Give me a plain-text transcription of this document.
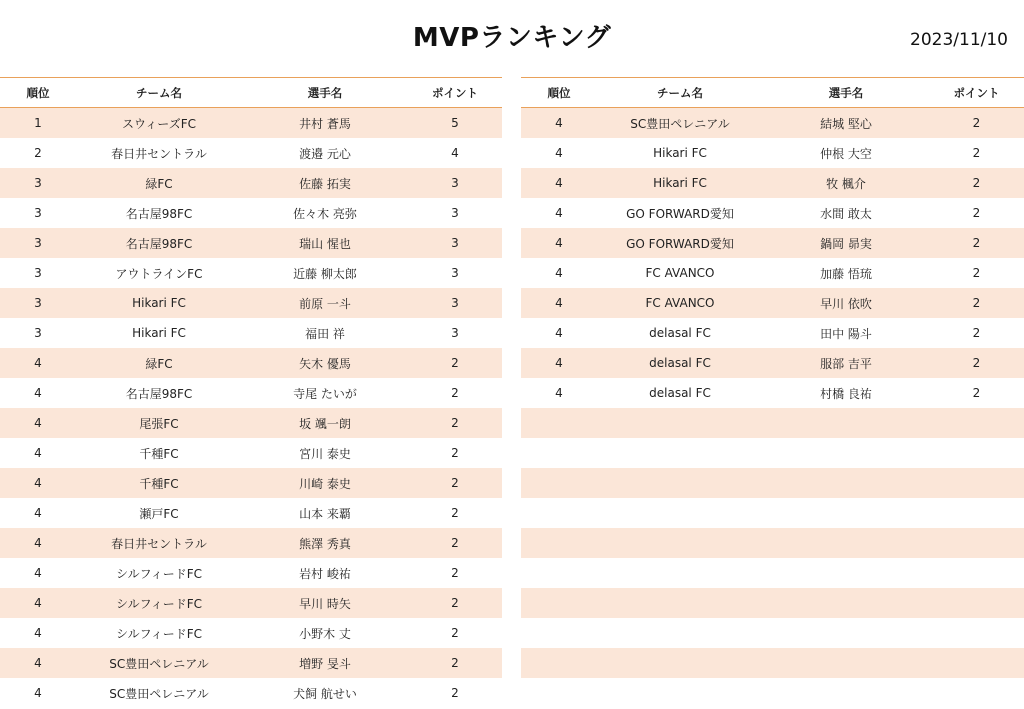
MVPランキング	2023/11/10
順位	チーム名	選手名	ポイント
1	スウィーズFC	井村 蒼馬	5
2	春日井セントラル	渡邉 元心	4
3	緑FC	佐藤 拓実	3
3	名古屋98FC	佐々木 亮弥	3
3	名古屋98FC	瑞山 惺也	3
3	アウトラインFC	近藤 柳太郎	3
3	Hikari FC	前原 一斗	3
3	Hikari FC	福田 祥	3
4	緑FC	矢木 優馬	2
4	名古屋98FC	寺尾 たいが	2
4	尾張FC	坂 颯一朗	2
4	千種FC	宮川 泰史	2
4	千種FC	川崎 泰史	2
4	瀬戸FC	山本 来覇	2
4	春日井セントラル	熊澤 秀真	2
4	シルフィードFC	岩村 峻祐	2
4	シルフィードFC	早川 時矢	2
4	シルフィードFC	小野木 丈	2
4	SC豊田ペレニアル	増野 旻斗	2
4	SC豊田ペレニアル	犬飼 航せい	2
順位	チーム名	選手名	ポイント
4	SC豊田ペレニアル	結城 堅心	2
4	Hikari FC	仲根 大空	2
4	Hikari FC	牧 楓介	2
4	GO FORWARD愛知	水間 敢太	2
4	GO FORWARD愛知	鍋岡 昴実	2
4	FC AVANCO	加藤 悟琉	2
4	FC AVANCO	早川 依吹	2
4	delasal FC	田中 陽斗	2
4	delasal FC	服部 吉平	2
4	delasal FC	村橋 良祐	2
